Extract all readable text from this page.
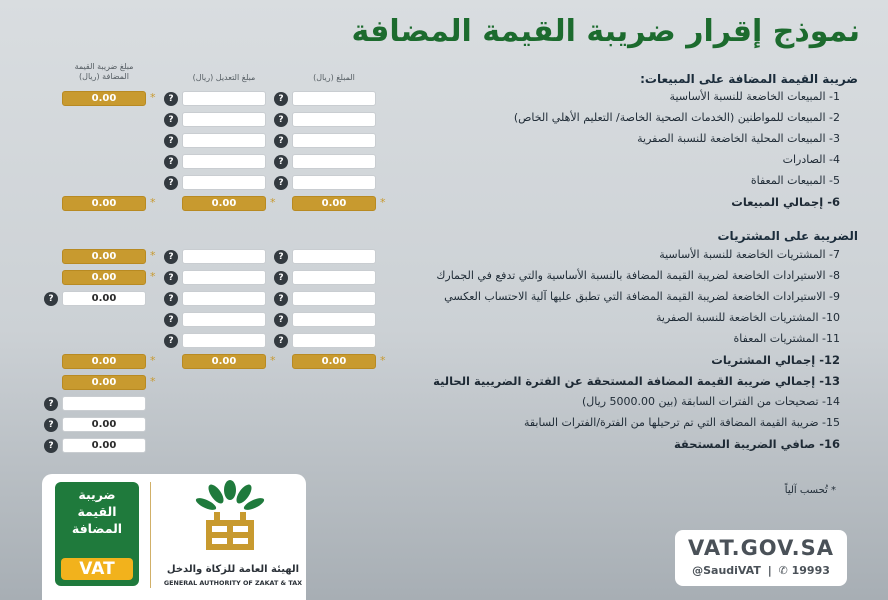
نموذج إقرار ضريبة القيمة المضافة
المبلغ (ريال)
مبلغ التعديل (ريال)
مبلغ ضريبة القيمة المضافة (ريال)	ضريبة القيمة المضافة على المبيعات:
1- المبيعات الخاضعة للنسبة الأساسية
?
?
*
0.00
2- المبيعات للمواطنين (الخدمات الصحية الخاصة/ التعليم الأهلي الخاص)
?
?
3- المبيعات المحلية الخاضعة للنسبة الصفرية
?
?
4- الصادرات
?
?
5- المبيعات المعفاة
?
?
6- إجمالي المبيعات
*
0.00
*
0.00
*
0.00
الضريبة على المشتريات
7- المشتريات الخاضعة للنسبة الأساسية
?
?
*
0.00
8- الاستيرادات الخاضعة لضريبة القيمة المضافة بالنسبة الأساسية والتي تدفع في الجمارك
?
?
*
0.00
9- الاستيرادات الخاضعة لضريبة القيمة المضافة التي تطبق عليها آلية الاحتساب العكسي
?
?
0.00
?
10- المشتريات الخاضعة للنسبة الصفرية
?
?
11- المشتريات المعفاة
?
?
12- إجمالي المشتريات
*
0.00
*
0.00
*
0.00
13- إجمالي ضريبة القيمة المضافة المستحقة عن الفترة الضريبية الحالية
*
0.00
14- تصحيحات من الفترات السابقة (بين 5000.00 ريال)
?
15- ضريبة القيمة المضافة التي تم ترحيلها من الفترة/الفترات السابقة
0.00
?
16- صافي الضريبة المستحقة
0.00
?
* تُحسب آلياً
ضريبة
القيمة
المضافة
VAT	الهيئة العامة للزكاة والدخل
GENERAL AUTHORITY OF ZAKAT & TAX
VAT.GOV.SA
@SaudiVAT | ✆ 19993
